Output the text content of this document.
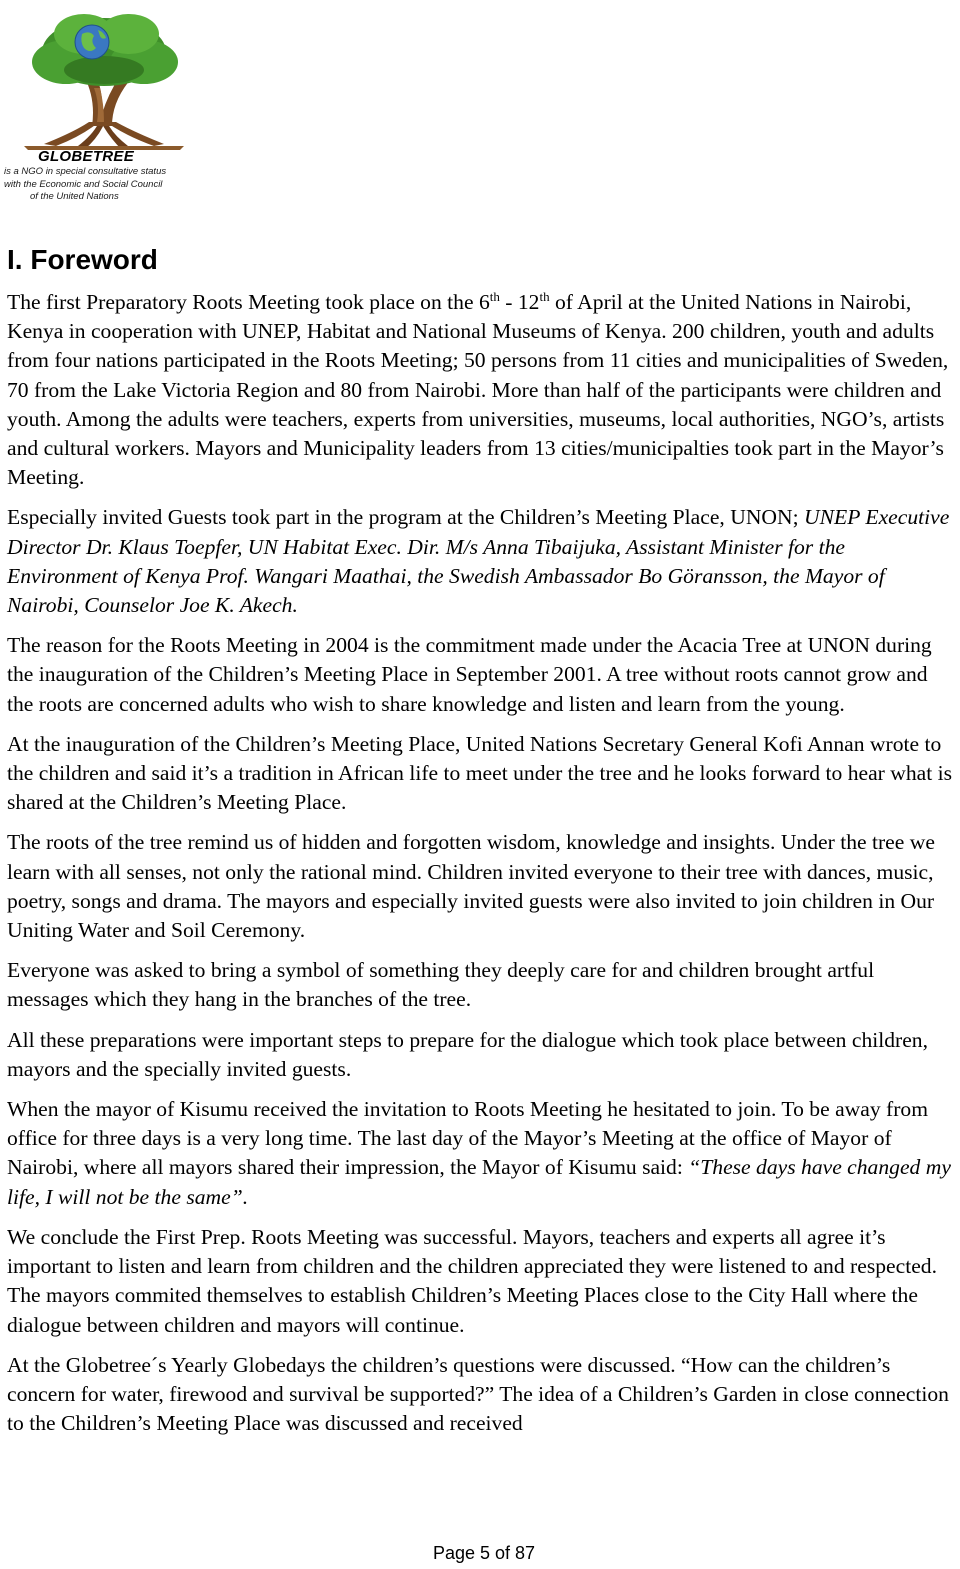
GLOBETREE
is a NGO in special consultative status
with the Economic and Social Council
of the United Nations
I. Foreword

The first Preparatory Roots Meeting took place on the 6th - 12th of April at the United Nations in Nairobi, Kenya in cooperation with UNEP, Habitat and National Museums of Kenya. 200 children, youth and adults from four nations participated in the Roots Meeting; 50 persons from 11 cities and municipalities of Sweden, 70 from the Lake Victoria Region and 80 from Nairobi. More than half of the participants were children and youth. Among the adults were teachers, experts from universities, museums, local authorities, NGO’s, artists and cultural workers. Mayors and Municipality leaders from 13 cities/municipalties took part in the Mayor’s Meeting.

Especially invited Guests took part in the program at the Children’s Meeting Place, UNON; UNEP Executive Director Dr. Klaus Toepfer, UN Habitat Exec. Dir. M/s Anna Tibaijuka, Assistant Minister for the Environment of Kenya Prof. Wangari Maathai, the Swedish Ambassador Bo Göransson, the Mayor of Nairobi, Counselor Joe K. Akech.

The reason for the Roots Meeting in 2004 is the commitment made under the Acacia Tree at UNON during the inauguration of the Children’s Meeting Place in September 2001. A tree without roots cannot grow and the roots are concerned adults who wish to share knowledge and listen and learn from the young.

At the inauguration of the Children’s Meeting Place, United Nations Secretary General Kofi Annan wrote to the children and said it’s a tradition in African life to meet under the tree and he looks forward to hear what is shared at the Children’s Meeting Place.

The roots of the tree remind us of hidden and forgotten wisdom, knowledge and insights. Under the tree we learn with all senses, not only the rational mind. Children invited everyone to their tree with dances, music, poetry, songs and drama. The mayors and especially invited guests were also invited to join children in Our Uniting Water and Soil Ceremony.

Everyone was asked to bring a symbol of something they deeply care for and children brought artful messages which they hang in the branches of the tree.

All these preparations were important steps to prepare for the dialogue which took place between children, mayors and the specially invited guests.

When the mayor of Kisumu received the invitation to Roots Meeting he hesitated to join. To be away from office for three days is a very long time. The last day of the Mayor’s Meeting at the office of Mayor of Nairobi, where all mayors shared their impression, the Mayor of Kisumu said: “These days have changed my life, I will not be the same”.

We conclude the First Prep. Roots Meeting was successful. Mayors, teachers and experts all agree it’s important to listen and learn from children and the children appreciated they were listened to and respected. The mayors commited themselves to establish Children’s Meeting Places close to the City Hall where the dialogue between children and mayors will continue.

At the Globetree´s Yearly Globedays the children’s questions were discussed. “How can the children’s concern for water, firewood and survival be supported?” The idea of a Children’s Garden in close connection to the Children’s Meeting Place was discussed and received

Page 5 of 87
